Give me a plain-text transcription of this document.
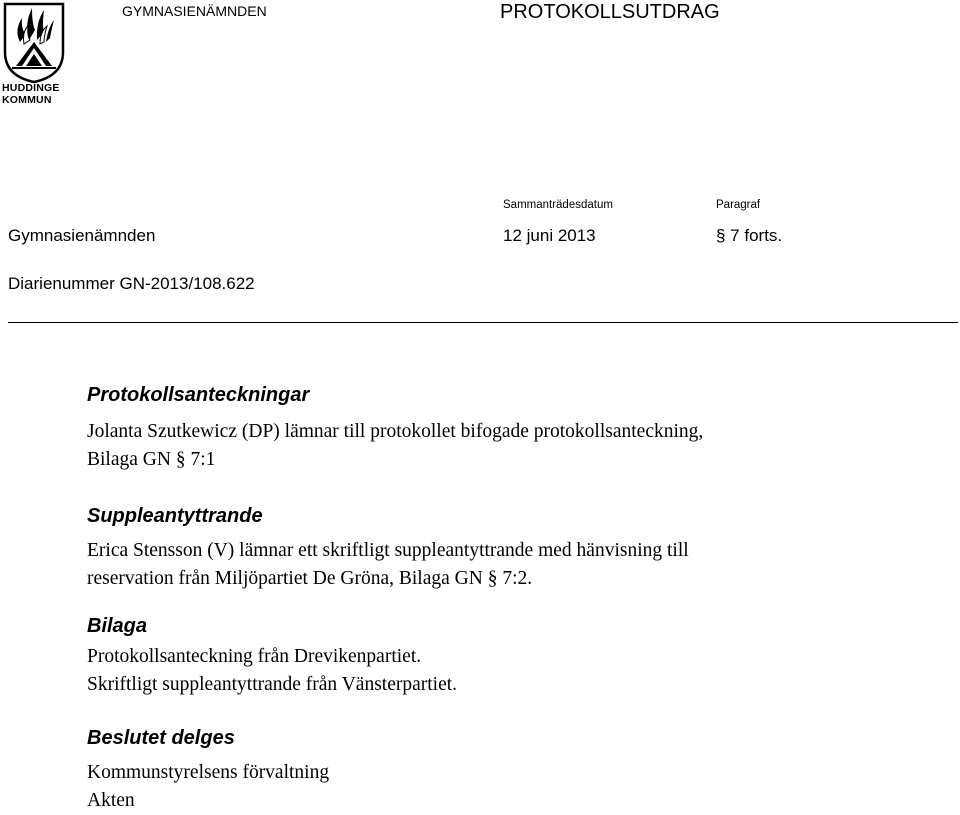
HUDDINGE
KOMMUN
GYMNASIENÄMNDEN	PROTOKOLLSUTDRAG
Sammanträdesdatum	Paragraf
Gymnasienämnden	12 juni 2013	§ 7 forts.
Diarienummer GN-2013/108.622
Protokollsanteckningar
Jolanta Szutkewicz (DP) lämnar till protokollet bifogade protokollsanteckning,
Bilaga GN § 7:1
Suppleantyttrande
Erica Stensson (V) lämnar ett skriftligt suppleantyttrande med hänvisning till
reservation från Miljöpartiet De Gröna, Bilaga GN § 7:2.
Bilaga
Protokollsanteckning från Drevikenpartiet.
Skriftligt suppleantyttrande från Vänsterpartiet.
Beslutet delges
Kommunstyrelsens förvaltning
Akten
